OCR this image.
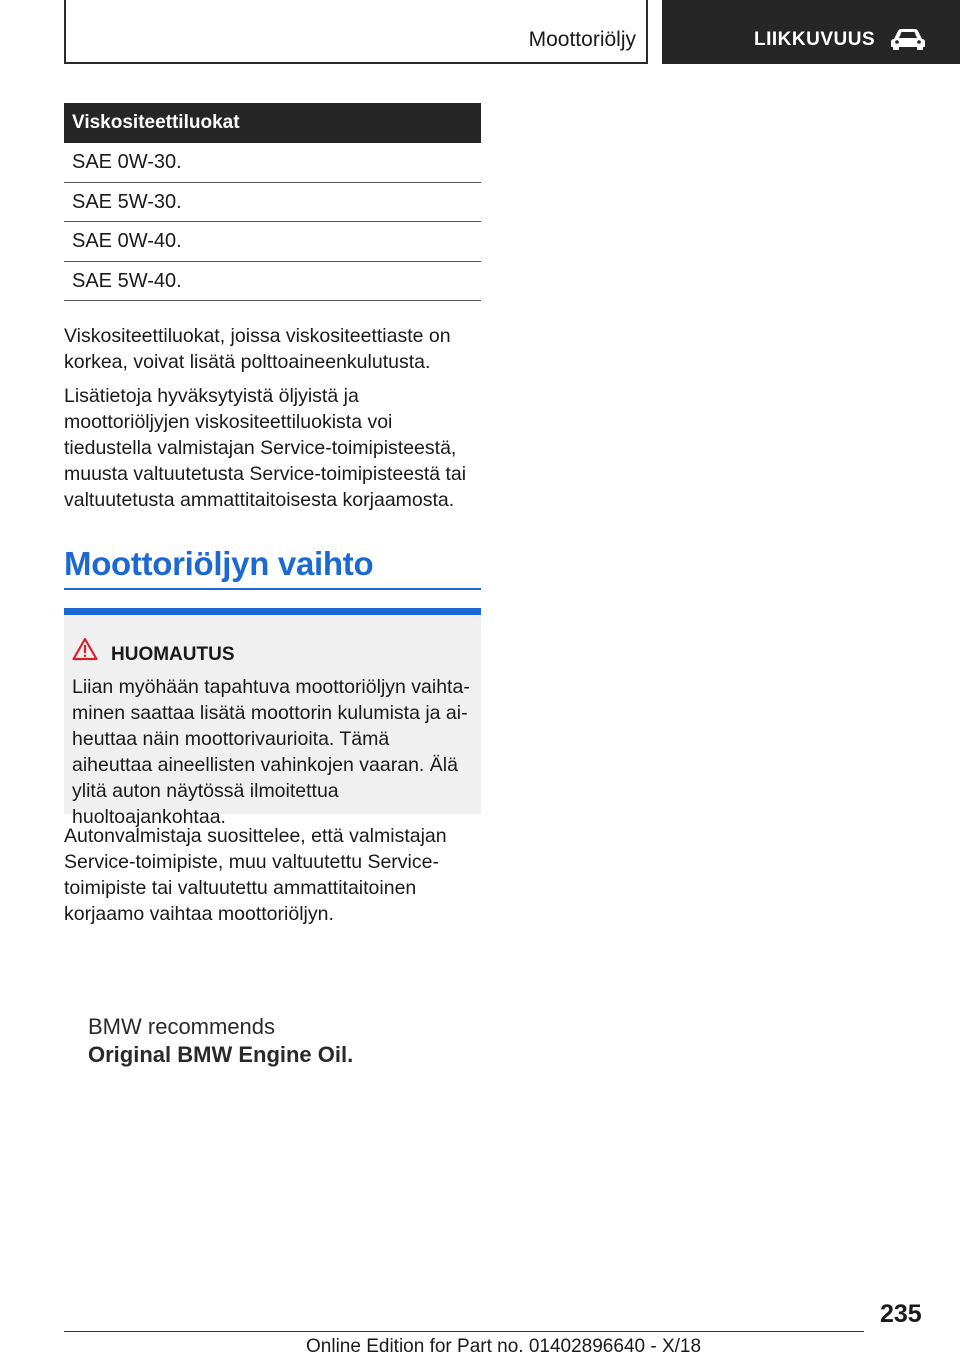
Moottoriöljy	LIIKKUVUUS
Viskositeettiluokat
SAE 0W-30.
SAE 5W-30.
SAE 0W-40.
SAE 5W-40.

Viskositeettiluokat, joissa viskositeettiaste on korkea, voivat lisätä polttoaineenkulutusta.

Lisätietoja hyväksytyistä öljyistä ja moottoriöljyjen viskositeettiluokista voi tiedustella valmistajan Service-toimipisteestä, muusta valtuutetusta Service-toimipisteestä tai valtuutetusta ammattitaitoisesta korjaamosta.

Moottoriöljyn vaihto
HUOMAUTUS

Liian myöhään tapahtuva moottoriöljyn vaihtaminen saattaa lisätä moottorin kulumista ja aiheuttaa näin moottorivaurioita. Tämä aiheuttaa aineellisten vahinkojen vaaran. Älä ylitä auton näytössä ilmoitettua huoltoajankohtaa.

Autonvalmistaja suosittelee, että valmistajan Service-toimipiste, muu valtuutettu Service-toimipiste tai valtuutettu ammattitaitoinen korjaamo vaihtaa moottoriöljyn.

BMW recommends
Original BMW Engine Oil.
235
Online Edition for Part no. 01402896640 - X/18
